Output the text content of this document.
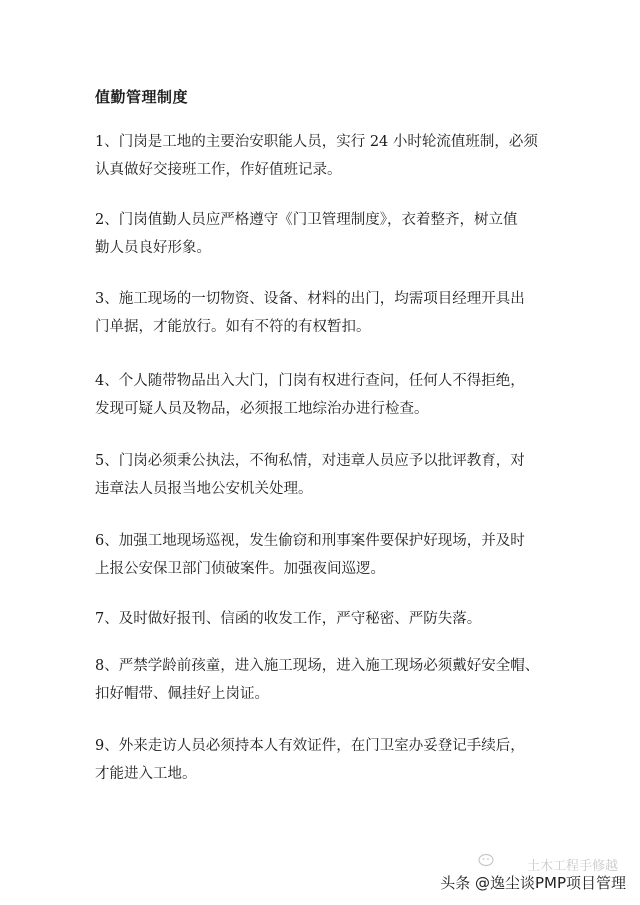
值勤管理制度

1、门岗是工地的主要治安职能人员，实行 24 小时轮流值班制，必须
认真做好交接班工作，作好值班记录。

2、门岗值勤人员应严格遵守《门卫管理制度》，衣着整齐，树立值
勤人员良好形象。

3、施工现场的一切物资、设备、材料的出门，均需项目经理开具出
门单据，才能放行。如有不符的有权暂扣。

4、个人随带物品出入大门，门岗有权进行查问，任何人不得拒绝，
发现可疑人员及物品，必须报工地综治办进行检查。

5、门岗必须秉公执法，不徇私情，对违章人员应予以批评教育，对
违章法人员报当地公安机关处理。

6、加强工地现场巡视，发生偷窃和刑事案件要保护好现场，并及时
上报公安保卫部门侦破案件。加强夜间巡逻。

7、及时做好报刊、信函的收发工作，严守秘密、严防失落。

8、严禁学龄前孩童，进入施工现场，进入施工现场必须戴好安全帽、
扣好帽带、佩挂好上岗证。

9、外来走访人员必须持本人有效证件，在门卫室办妥登记手续后，
才能进入工地。

土木工程手修越
头条 @逸尘谈PMP项目管理
